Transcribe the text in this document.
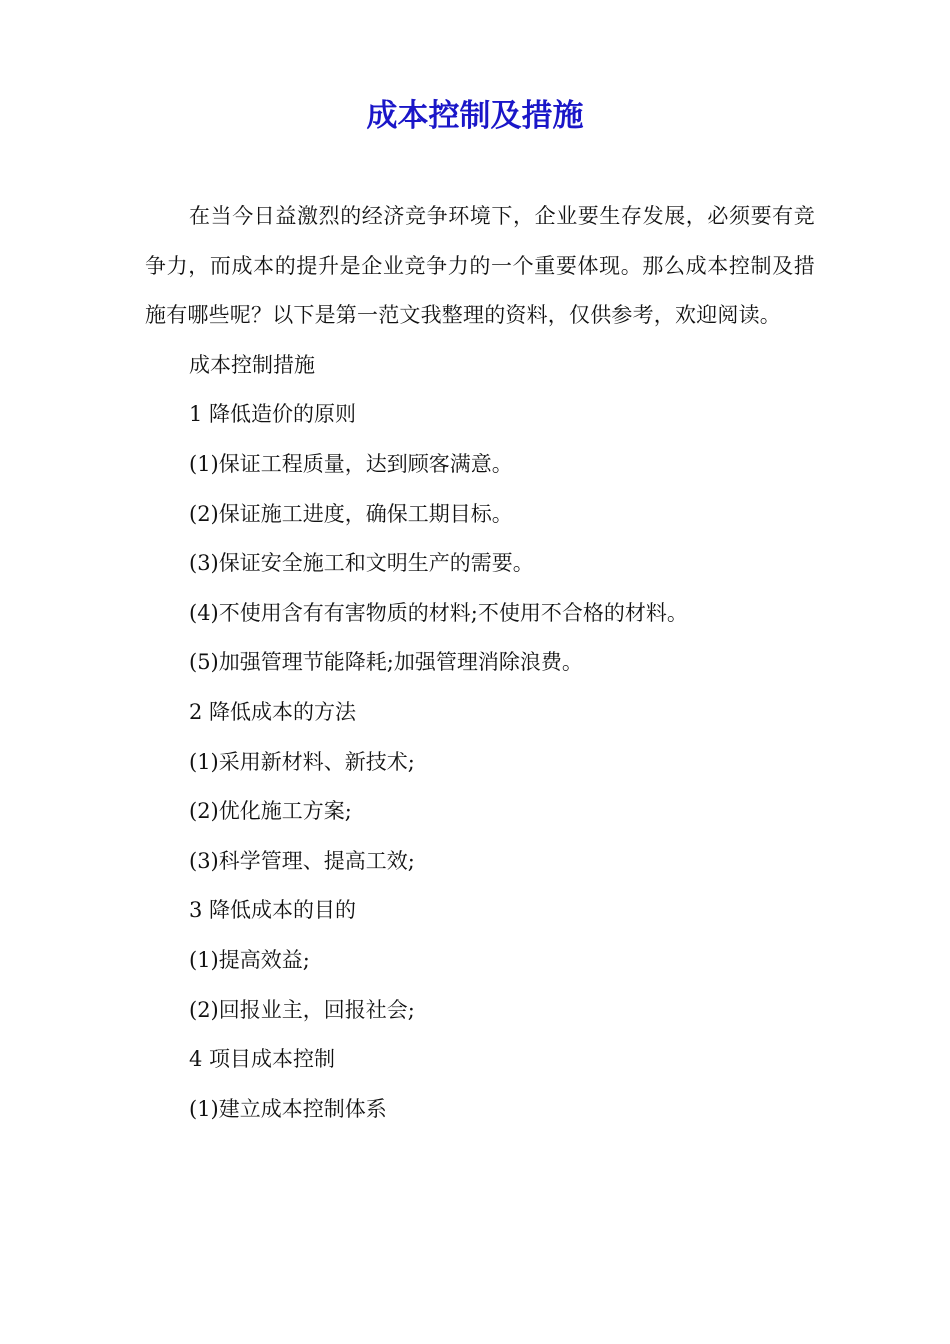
成本控制及措施

在当今日益激烈的经济竞争环境下，企业要生存发展，必须要有竞争力，而成本的提升是企业竞争力的一个重要体现。那么成本控制及措施有哪些呢？以下是第一范文我整理的资料，仅供参考，欢迎阅读。

成本控制措施

1 降低造价的原则

(1)保证工程质量，达到顾客满意。

(2)保证施工进度，确保工期目标。

(3)保证安全施工和文明生产的需要。

(4)不使用含有有害物质的材料;不使用不合格的材料。

(5)加强管理节能降耗;加强管理消除浪费。

2 降低成本的方法

(1)采用新材料、新技术;

(2)优化施工方案;

(3)科学管理、提高工效;

3 降低成本的目的

(1)提高效益;

(2)回报业主，回报社会;

4 项目成本控制

(1)建立成本控制体系
